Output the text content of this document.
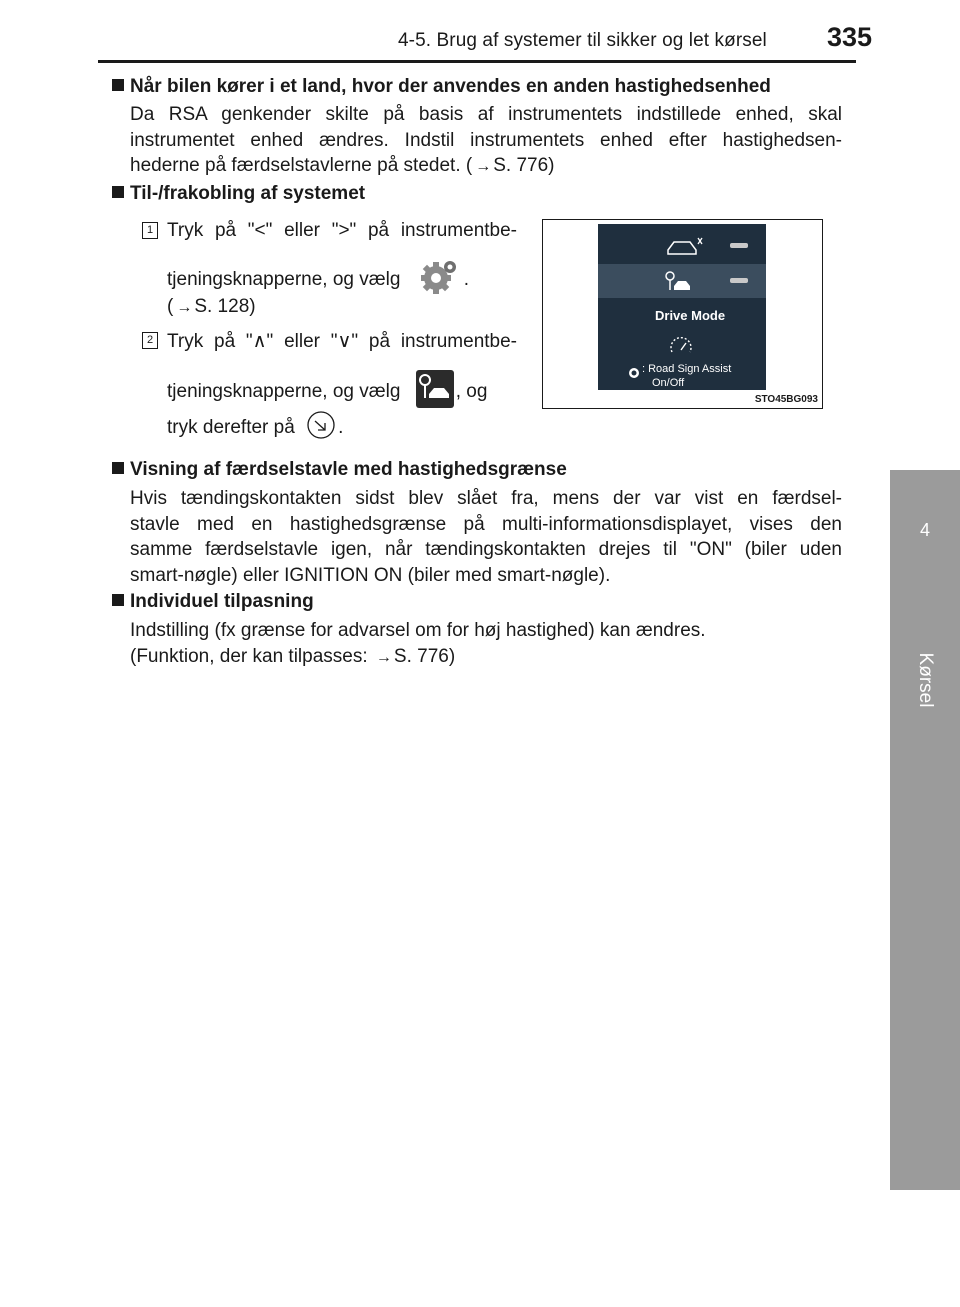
4-5. Brug af systemer til sikker og let kørsel	335
4
Kørsel
Når bilen kører i et land, hvor der anvendes en anden hastighedsenhed
Da RSA genkender skilte på basis af instrumentets indstillede enhed, skal
instrumentet enhed ændres. Indstil instrumentets enhed efter hastighedsen-
hederne på færdselstavlerne på stedet. ( → S. 776)
Til-/frakobling af systemet
1 Tryk på "<" eller ">" på instrumentbe-
tjeningsknapperne, og vælg	.
( → S. 128)
2 Tryk på "∧" eller "∨" på instrumentbe-
tjeningsknapperne, og vælg	, og
tryk derefter på .
Drive Mode
: Road Sign Assist
On/Off
STO45BG093
Visning af færdselstavle med hastighedsgrænse
Hvis tændingskontakten sidst blev slået fra, mens der var vist en færdsel-
stavle med en hastighedsgrænse på multi-informationsdisplayet, vises den
samme færdselstavle igen, når tændingskontakten drejes til "ON" (biler uden
smart-nøgle) eller IGNITION ON (biler med smart-nøgle).
Individuel tilpasning
Indstilling (fx grænse for advarsel om for høj hastighed) kan ændres.
(Funktion, der kan tilpasses: → S. 776)
